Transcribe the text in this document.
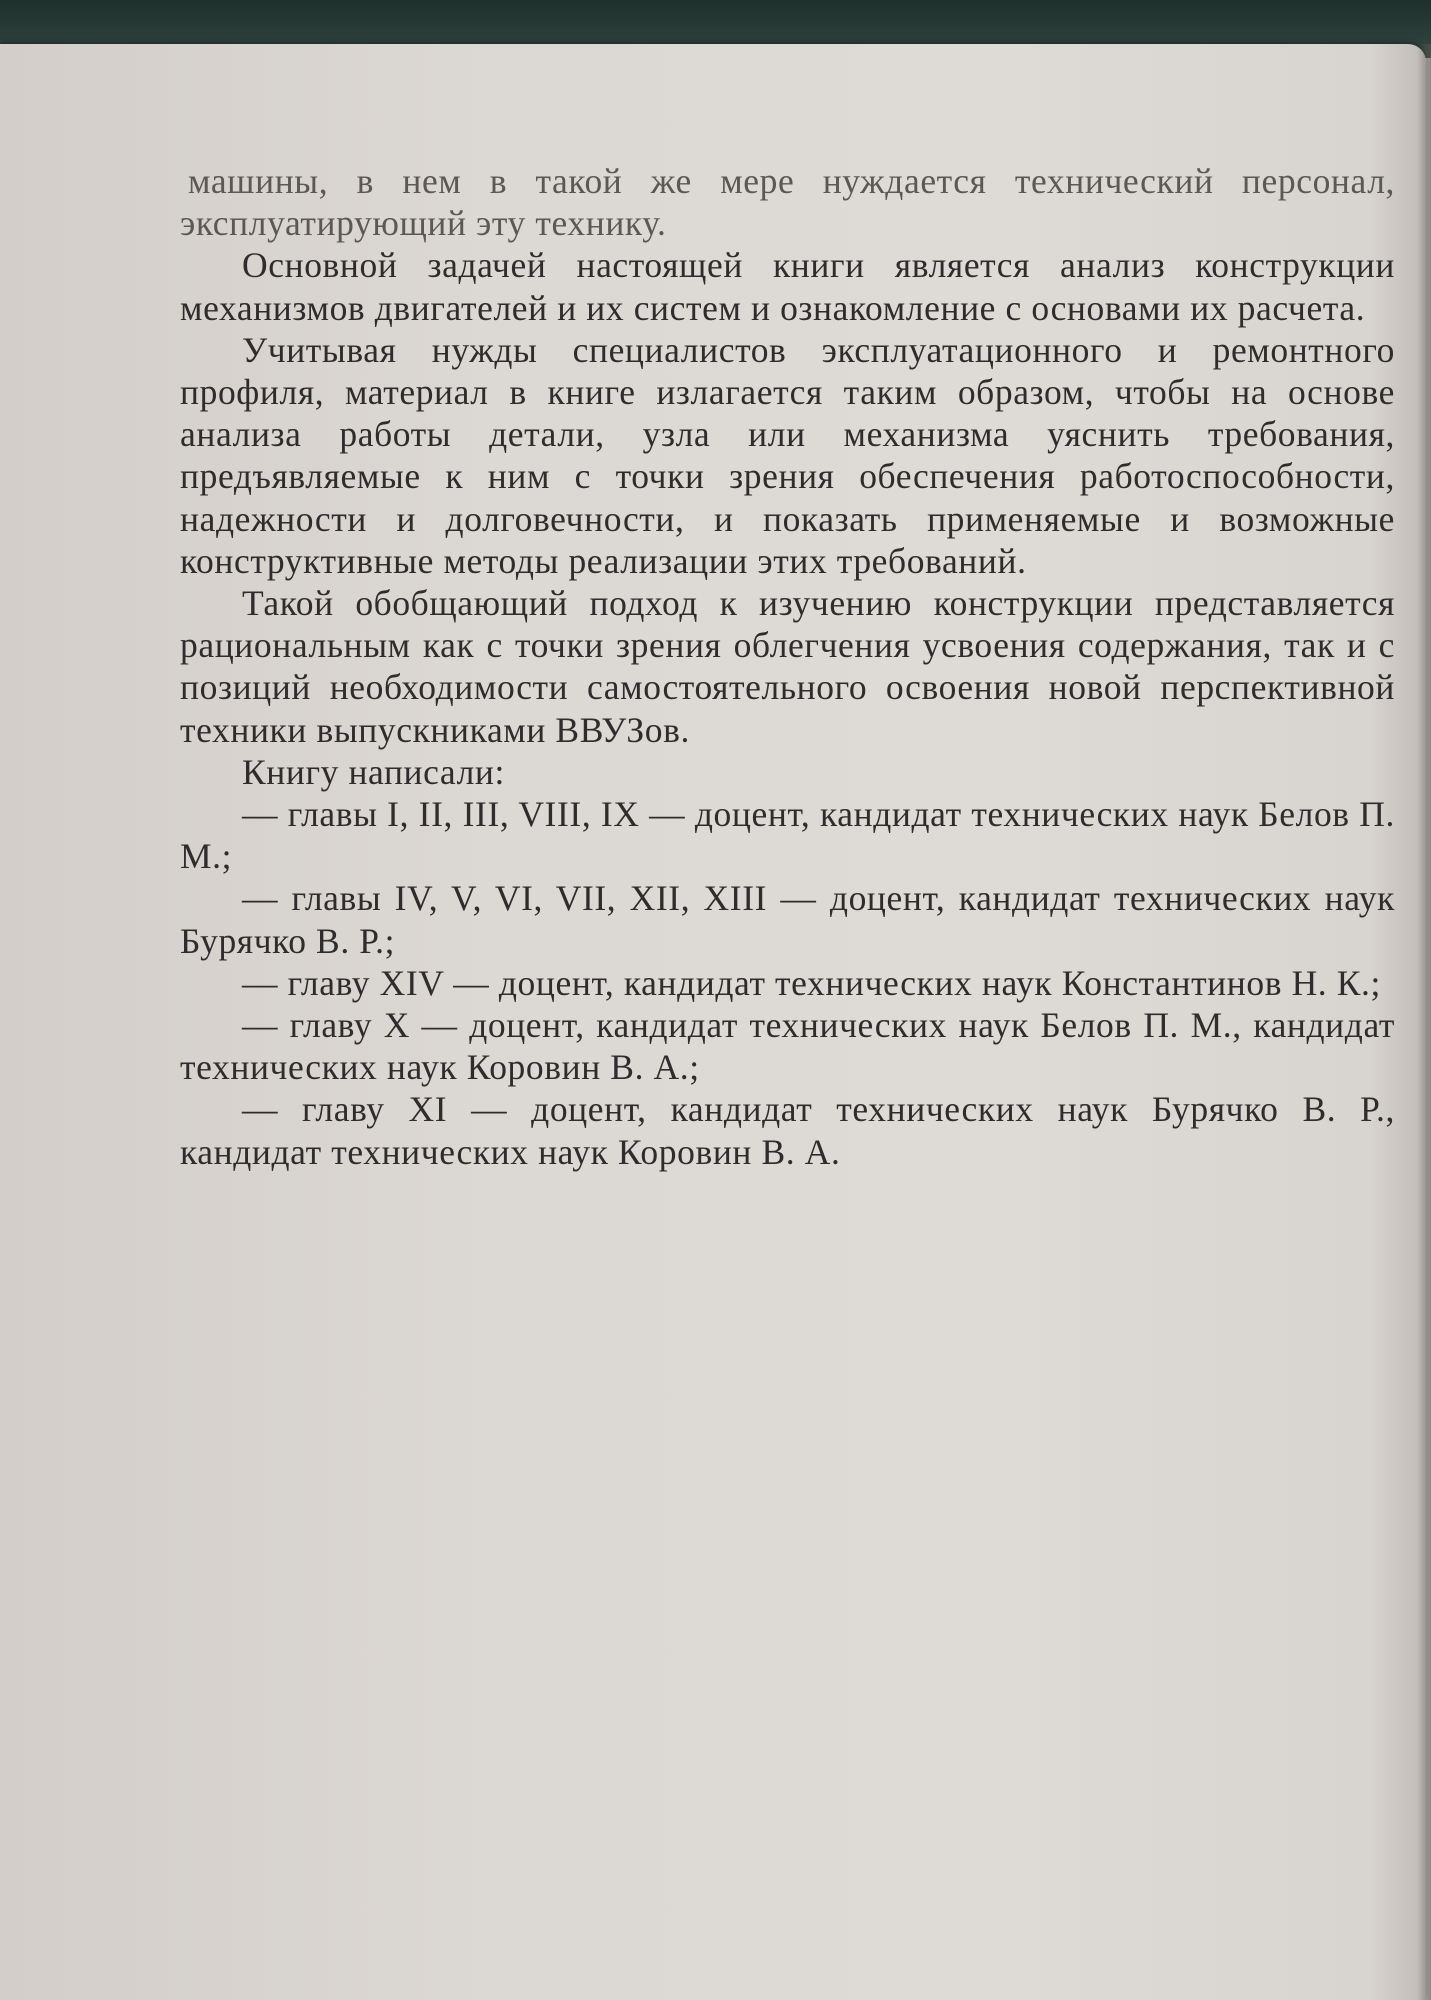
машины, в нем в такой же мере нуждается технический персонал, эксплуатирующий эту технику.

Основной задачей настоящей книги является анализ конструкции механизмов двигателей и их систем и ознакомление с основами их расчета.

Учитывая нужды специалистов эксплуатационного и ремонтного профиля, материал в книге излагается таким образом, чтобы на основе анализа работы детали, узла или механизма уяснить требования, предъявляемые к ним с точки зрения обеспечения работоспособности, надежности и долговечности, и показать применяемые и возможные конструктивные методы реализации этих требований.

Такой обобщающий подход к изучению конструкции представляется рациональным как с точки зрения облегчения усвоения содержания, так и с позиций необходимости самостоятельного освоения новой перспективной техники выпускниками ВВУЗов.

Книгу написали:

— главы I, II, III, VIII, IX — доцент, кандидат технических наук Белов П. М.;

— главы IV, V, VI, VII, XII, XIII — доцент, кандидат технических наук Бурячко В. Р.;

— главу XIV — доцент, кандидат технических наук Константинов Н. К.;

— главу X — доцент, кандидат технических наук Белов П. М., кандидат технических наук Коровин В. А.;

— главу XI — доцент, кандидат технических наук Бурячко В. Р., кандидат технических наук Коровин В. А.
